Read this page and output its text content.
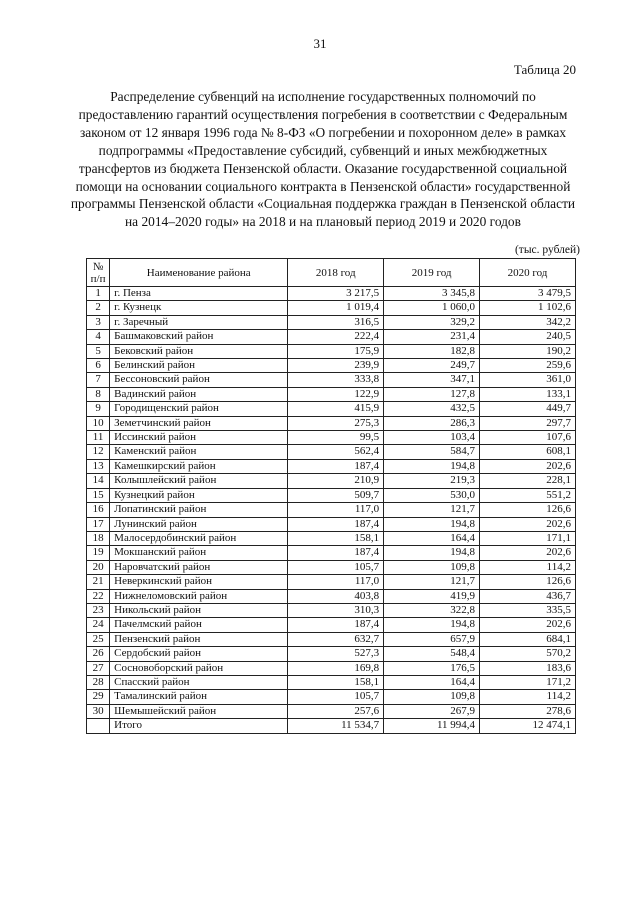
31
Таблица 20
Распределение субвенций на исполнение государственных полномочий по предоставлению гарантий осуществления погребения в соответствии с Федеральным законом от 12 января 1996 года № 8-ФЗ «О погребении и похоронном деле» в рамках подпрограммы «Предоставление субсидий, субвенций и иных межбюджетных трансфертов из бюджета Пензенской области. Оказание государственной социальной помощи на основании социального контракта в Пензенской области» государственной программы Пензенской области «Социальная поддержка граждан в Пензенской области на 2014–2020 годы» на 2018 и на плановый период 2019 и 2020 годов
(тыс. рублей)
№ п/п	Наименование района	2018 год	2019 год	2020 год
1	г. Пенза	3 217,5	3 345,8	3 479,5
2	г. Кузнецк	1 019,4	1 060,0	1 102,6
3	г. Заречный	316,5	329,2	342,2
4	Башмаковский район	222,4	231,4	240,5
5	Бековский район	175,9	182,8	190,2
6	Белинский район	239,9	249,7	259,6
7	Бессоновский район	333,8	347,1	361,0
8	Вадинский район	122,9	127,8	133,1
9	Городищенский район	415,9	432,5	449,7
10	Земетчинский район	275,3	286,3	297,7
11	Иссинский район	99,5	103,4	107,6
12	Каменский район	562,4	584,7	608,1
13	Камешкирский район	187,4	194,8	202,6
14	Колышлейский район	210,9	219,3	228,1
15	Кузнецкий район	509,7	530,0	551,2
16	Лопатинский район	117,0	121,7	126,6
17	Лунинский район	187,4	194,8	202,6
18	Малосердобинский район	158,1	164,4	171,1
19	Мокшанский район	187,4	194,8	202,6
20	Наровчатский район	105,7	109,8	114,2
21	Неверкинский район	117,0	121,7	126,6
22	Нижнеломовский район	403,8	419,9	436,7
23	Никольский район	310,3	322,8	335,5
24	Пачелмский район	187,4	194,8	202,6
25	Пензенский район	632,7	657,9	684,1
26	Сердобский район	527,3	548,4	570,2
27	Сосновоборский район	169,8	176,5	183,6
28	Спасский район	158,1	164,4	171,2
29	Тамалинский район	105,7	109,8	114,2
30	Шемышейский район	257,6	267,9	278,6
	Итого	11 534,7	11 994,4	12 474,1
